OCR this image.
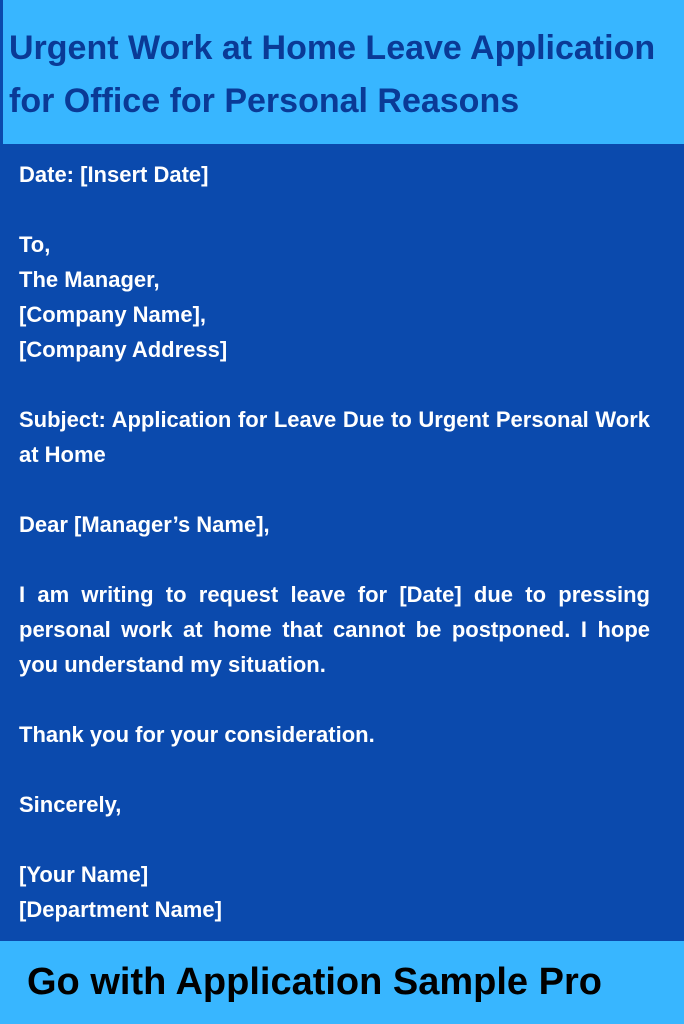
Urgent Work at Home Leave Application
for Office for Personal Reasons

Date: [Insert Date]

To,

The Manager,

[Company Name],

[Company Address]

Subject: Application for Leave Due to Urgent Personal Work at Home

Dear [Manager’s Name],

I am writing to request leave for [Date] due to pressing personal work at home that cannot be postponed. I hope you understand my situation.

Thank you for your consideration.

Sincerely,

[Your Name]

[Department Name]

Go with Application Sample Pro
